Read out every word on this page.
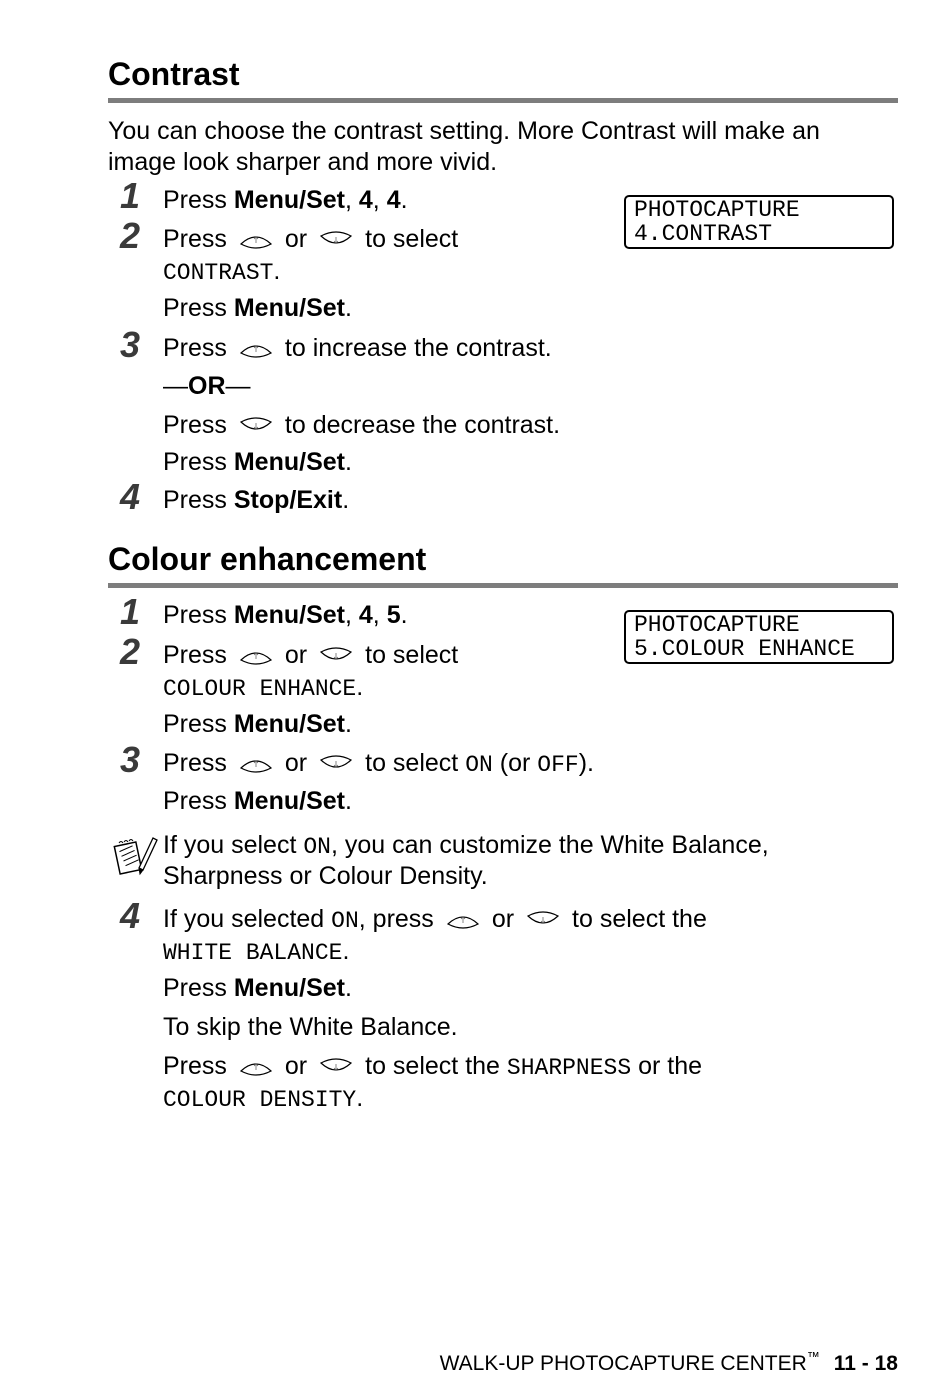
Contrast
You can choose the contrast setting. More Contrast will make an image look sharper and more vivid.
PHOTOCAPTURE
4.CONTRAST
1 Press Menu/Set, 4, 4.
2 Press or to select
CONTRAST.
Press Menu/Set.
3 Press to increase the contrast.
—OR—
Press to decrease the contrast.
Press Menu/Set.
4 Press Stop/Exit.
Colour enhancement
PHOTOCAPTURE
5.COLOUR ENHANCE
1 Press Menu/Set, 4, 5.
2 Press or to select
COLOUR ENHANCE.
Press Menu/Set.
3 Press or to select ON (or OFF).
Press Menu/Set.
If you select ON, you can customize the White Balance,
Sharpness or Colour Density.
4 If you selected ON, press or to select the
WHITE BALANCE.
Press Menu/Set.
To skip the White Balance.
Press or to select the SHARPNESS or the
COLOUR DENSITY.
WALK-UP PHOTOCAPTURE CENTER™ 11 - 18
